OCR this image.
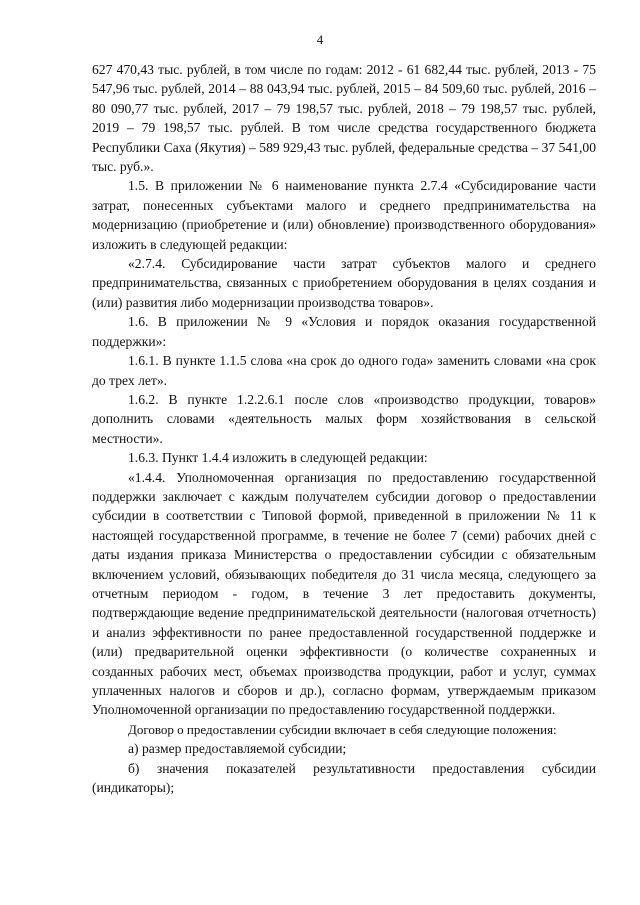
4

627 470,43 тыс. рублей, в том числе по годам: 2012 - 61 682,44 тыс. рублей, 2013 - 75 547,96 тыс. рублей, 2014 – 88 043,94 тыс. рублей, 2015 – 84 509,60 тыс. рублей, 2016 – 80 090,77 тыс. рублей, 2017 – 79 198,57 тыс. рублей, 2018 – 79 198,57 тыс. рублей, 2019 – 79 198,57 тыс. рублей. В том числе средства государственного бюджета Республики Саха (Якутия) – 589 929,43 тыс. рублей, федеральные средства – 37 541,00 тыс. руб.».

1.5. В приложении № 6 наименование пункта 2.7.4 «Субсидирование части затрат, понесенных субъектами малого и среднего предпринимательства на модернизацию (приобретение и (или) обновление) производственного оборудования» изложить в следующей редакции:

«2.7.4. Субсидирование части затрат субъектов малого и среднего предпринимательства, связанных с приобретением оборудования в целях создания и (или) развития либо модернизации производства товаров».

1.6. В приложении № 9 «Условия и порядок оказания государственной поддержки»:

1.6.1. В пункте 1.1.5 слова «на срок до одного года» заменить словами «на срок до трех лет».

1.6.2. В пункте 1.2.2.6.1 после слов «производство продукции, товаров» дополнить словами «деятельность малых форм хозяйствования в сельской местности».

1.6.3. Пункт 1.4.4 изложить в следующей редакции:

«1.4.4. Уполномоченная организация по предоставлению государственной поддержки заключает с каждым получателем субсидии договор о предоставлении субсидии в соответствии с Типовой формой, приведенной в приложении № 11 к настоящей государственной программе, в течение не более 7 (семи) рабочих дней с даты издания приказа Министерства о предоставлении субсидии с обязательным включением условий, обязывающих победителя до 31 числа месяца, следующего за отчетным периодом - годом, в течение 3 лет предоставить документы, подтверждающие ведение предпринимательской деятельности (налоговая отчетность) и анализ эффективности по ранее предоставленной государственной поддержке и (или) предварительной оценки эффективности (о количестве сохраненных и созданных рабочих мест, объемах производства продукции, работ и услуг, суммах уплаченных налогов и сборов и др.), согласно формам, утверждаемым приказом Уполномоченной организации по предоставлению государственной поддержки.

Договор о предоставлении субсидии включает в себя следующие положения:

а) размер предоставляемой субсидии;

б) значения показателей результативности предоставления субсидии (индикаторы);
